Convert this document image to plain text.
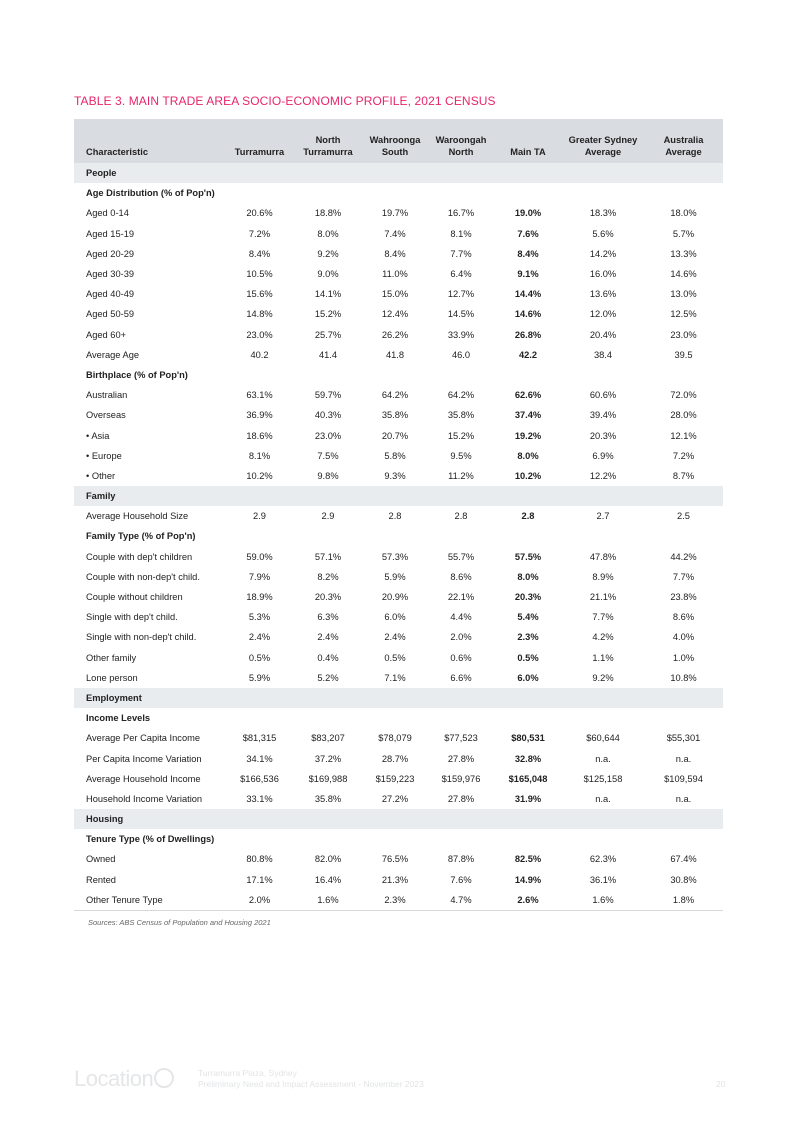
TABLE 3. MAIN TRADE AREA SOCIO-ECONOMIC PROFILE, 2021 CENSUS
Characteristic	Turramurra	North Turramurra	Wahroonga South	Waroongah North	Main TA	Greater Sydney Average	Australia Average
People							
Age Distribution (% of Pop'n)							
Aged 0-14	20.6%	18.8%	19.7%	16.7%	19.0%	18.3%	18.0%
Aged 15-19	7.2%	8.0%	7.4%	8.1%	7.6%	5.6%	5.7%
Aged 20-29	8.4%	9.2%	8.4%	7.7%	8.4%	14.2%	13.3%
Aged 30-39	10.5%	9.0%	11.0%	6.4%	9.1%	16.0%	14.6%
Aged 40-49	15.6%	14.1%	15.0%	12.7%	14.4%	13.6%	13.0%
Aged 50-59	14.8%	15.2%	12.4%	14.5%	14.6%	12.0%	12.5%
Aged 60+	23.0%	25.7%	26.2%	33.9%	26.8%	20.4%	23.0%
Average Age	40.2	41.4	41.8	46.0	42.2	38.4	39.5
Birthplace (% of Pop'n)							
Australian	63.1%	59.7%	64.2%	64.2%	62.6%	60.6%	72.0%
Overseas	36.9%	40.3%	35.8%	35.8%	37.4%	39.4%	28.0%
• Asia	18.6%	23.0%	20.7%	15.2%	19.2%	20.3%	12.1%
• Europe	8.1%	7.5%	5.8%	9.5%	8.0%	6.9%	7.2%
• Other	10.2%	9.8%	9.3%	11.2%	10.2%	12.2%	8.7%
Family							
Average Household Size	2.9	2.9	2.8	2.8	2.8	2.7	2.5
Family Type (% of Pop'n)							
Couple with dep't children	59.0%	57.1%	57.3%	55.7%	57.5%	47.8%	44.2%
Couple with non-dep't child.	7.9%	8.2%	5.9%	8.6%	8.0%	8.9%	7.7%
Couple without children	18.9%	20.3%	20.9%	22.1%	20.3%	21.1%	23.8%
Single with dep't child.	5.3%	6.3%	6.0%	4.4%	5.4%	7.7%	8.6%
Single with non-dep't child.	2.4%	2.4%	2.4%	2.0%	2.3%	4.2%	4.0%
Other family	0.5%	0.4%	0.5%	0.6%	0.5%	1.1%	1.0%
Lone person	5.9%	5.2%	7.1%	6.6%	6.0%	9.2%	10.8%
Employment							
Income Levels							
Average Per Capita Income	$81,315	$83,207	$78,079	$77,523	$80,531	$60,644	$55,301
Per Capita Income Variation	34.1%	37.2%	28.7%	27.8%	32.8%	n.a.	n.a.
Average Household Income	$166,536	$169,988	$159,223	$159,976	$165,048	$125,158	$109,594
Household Income Variation	33.1%	35.8%	27.2%	27.8%	31.9%	n.a.	n.a.
Housing							
Tenure Type (% of Dwellings)							
Owned	80.8%	82.0%	76.5%	87.8%	82.5%	62.3%	67.4%
Rented	17.1%	16.4%	21.3%	7.6%	14.9%	36.1%	30.8%
Other Tenure Type	2.0%	1.6%	2.3%	4.7%	2.6%	1.6%	1.8%
Sources: ABS Census of Population and Housing 2021
Location	Turramurra Plaza, Sydney
Preliminary Need and Impact Assessment - November 2023	20
